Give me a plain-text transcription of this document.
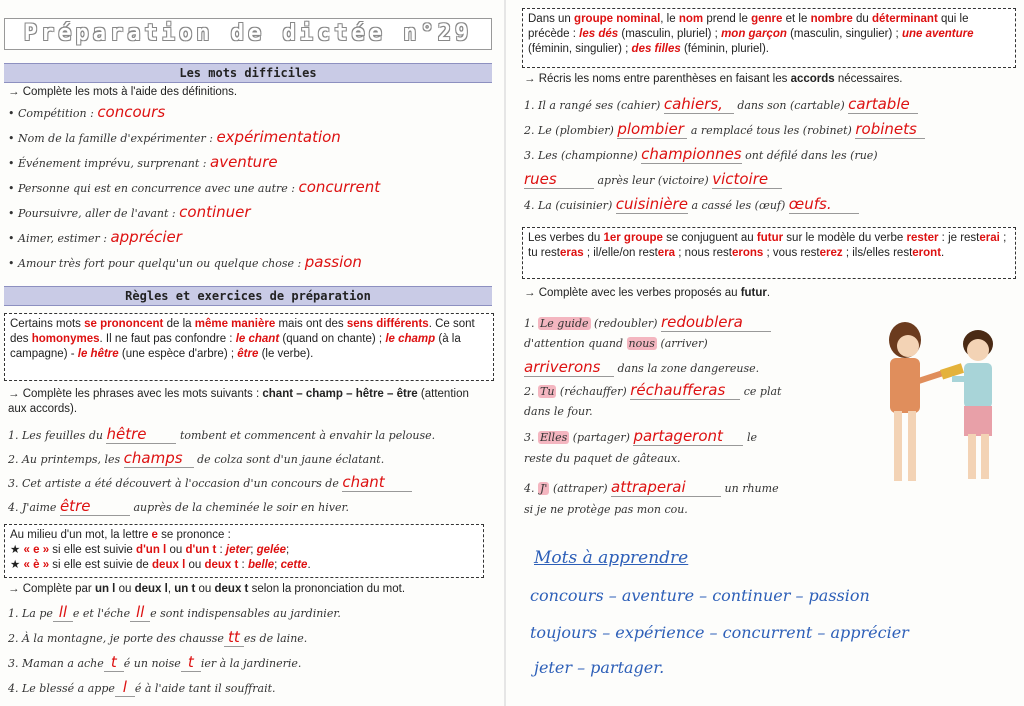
Préparation de dictée n°29
Les mots difficiles
→ Complète les mots à l'aide des définitions.
• Compétition : concours
• Nom de la famille d'expérimenter : expérimentation
• Événement imprévu, surprenant : aventure
• Personne qui est en concurrence avec une autre : concurrent
• Poursuivre, aller de l'avant : continuer
• Aimer, estimer : apprécier
• Amour très fort pour quelqu'un ou quelque chose : passion
Règles et exercices de préparation
Certains mots se prononcent de la même manière mais ont des sens différents. Ce sont des homonymes. Il ne faut pas confondre : le chant (quand on chante) ; le champ (à la campagne) - le hêtre (une espèce d'arbre) ; être (le verbe).
→ Complète les phrases avec les mots suivants : chant – champ – hêtre – être (attention aux accords).
1. Les feuilles du hêtre	tombent et commencent à envahir la pelouse.
2. Au printemps, les champs de colza sont d'un jaune éclatant.
3. Cet artiste a été découvert à l'occasion d'un concours de chant
4. J'aime être	auprès de la cheminée le soir en hiver.
Au milieu d'un mot, la lettre e se prononce :
★ « e » si elle est suivie d'un l ou d'un t : jeter; gelée;
★ « è » si elle est suivie de deux l ou deux t : belle; cette.
→ Complète par un l ou deux l, un t ou deux t selon la prononciation du mot.
1. La pe ll e et l'éche ll e sont indispensables au jardinier.
2. À la montagne, je porte des chausse tt es de laine.
3. Maman a ache t é un noise t ier à la jardinerie.
4. Le blessé a appe l é à l'aide tant il souffrait.
Dans un groupe nominal, le nom prend le genre et le nombre du déterminant qui le précède : les dés (masculin, pluriel) ; mon garçon (masculin, singulier) ; une aventure (féminin, singulier) ; des filles (féminin, pluriel).
→ Récris les noms entre parenthèses en faisant les accords nécessaires.
1. Il a rangé ses (cahier) cahiers, dans son (cartable) cartable
2. Le (plombier) plombier a remplacé tous les (robinet) robinets
3. Les (championne) championnes ont défilé dans les (rue)
rues	après leur (victoire) victoire
4. La (cuisinier) cuisinière a cassé les (œuf) œufs.
Les verbes du 1er groupe se conjuguent au futur sur le modèle du verbe rester : je resterai ; tu resteras ; il/elle/on restera ; nous resterons ; vous resterez ; ils/elles resteront.
→ Complète avec les verbes proposés au futur.
1. Le guide (redoubler) redoublera
d'attention quand nous (arriver)
arriverons dans la zone dangereuse.
2. Tu (réchauffer) réchaufferas ce plat
dans le four.
3. Elles (partager) partageront le
reste du paquet de gâteaux.
4. J' (attraper) attraperai	un rhume
si je ne protège pas mon cou.
Mots à apprendre
concours – aventure – continuer – passion
toujours – expérience – concurrent – apprécier
jeter – partager.
